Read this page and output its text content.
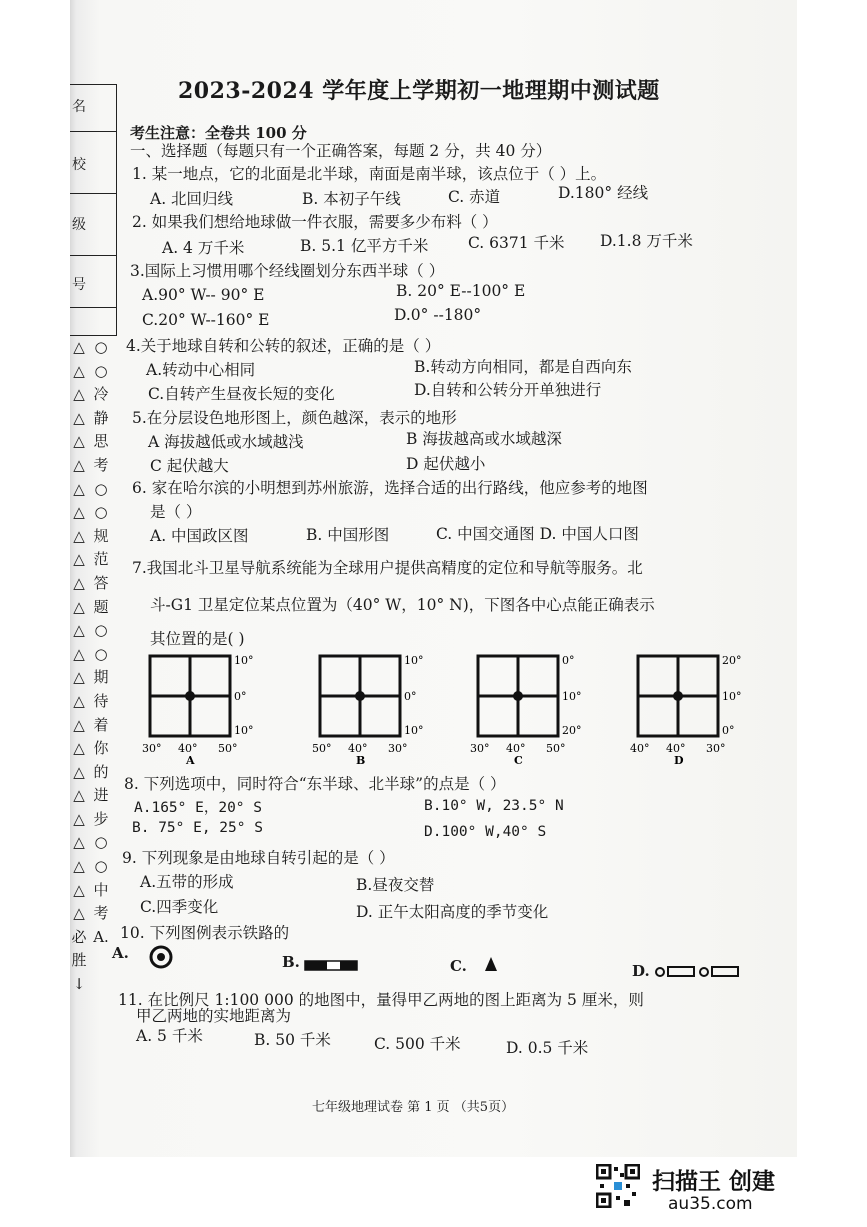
名
校
级
号
△
△
△
△
△
△
△
△
△
△
△
△
△
△
△
△
△
△
△
△
△
△
△
△
△
必
胜
↓
○
○
冷
静
思
考
○
○
规
范
答
题
○
○
期
待
着
你
的
进
步
○
○
中
考
A.
2023-2024 学年度上学期初一地理期中测试题
考生注意：全卷共 100 分
一、选择题（每题只有一个正确答案，每题 2 分，共 40 分）
1. 某一地点，它的北面是北半球，南面是南半球，该点位于（ ）上。
A. 北回归线	B. 本初子午线	C. 赤道	D.180° 经线
2. 如果我们想给地球做一件衣服，需要多少布料（ ）
A. 4 万千米	B. 5.1 亿平方千米	C. 6371 千米 D.1.8 万千米
3.国际上习惯用哪个经线圈划分东西半球（ ）
A.90° W-- 90° E	B. 20° E--100° E
C.20° W--160° E	D.0° --180°
4.关于地球自转和公转的叙述，正确的是（ ）
A.转动中心相同	B.转动方向相同，都是自西向东
C.自转产生昼夜长短的变化	D.自转和公转分开单独进行
5.在分层设色地形图上，颜色越深，表示的地形
A 海拔越低或水域越浅	B 海拔越高或水域越深
C 起伏越大	D 起伏越小
6. 家在哈尔滨的小明想到苏州旅游，选择合适的出行路线，他应参考的地图
是（ ）
A. 中国政区图	B. 中国形图	C. 中国交通图 D. 中国人口图
7.我国北斗卫星导航系统能为全球用户提供高精度的定位和导航等服务。北
斗-G1 卫星定位某点位置为（40° W，10° N)，下图各中心点能正确表示
其位置的是( )
10°
0°
10°
30° 40° 50°
A
10°
0°
10°
50° 40° 30°
B
0°
10°
20°
30° 40° 50°
C
20°
10°
0°
40° 40° 30°
D
8. 下列选项中，同时符合“东半球、北半球”的点是（ ）
A.165° E，20° S	B.10° W, 23.5° N
B. 75° E, 25° S	D.100° W,40° S
9. 下列现象是由地球自转引起的是（ ）
A.五带的形成	B.昼夜交替
C.四季变化	D. 正午太阳高度的季节变化
10. 下列图例表示铁路的
A.	B.	C.	D.
11. 在比例尺 1:100 000 的地图中，量得甲乙两地的图上距离为 5 厘米，则
甲乙两地的实地距离为
A. 5 千米	B. 50 千米	C. 500 千米	D. 0.5 千米
七年级地理试卷 第 1 页 （共5页）
扫描王 创建
au35.com
